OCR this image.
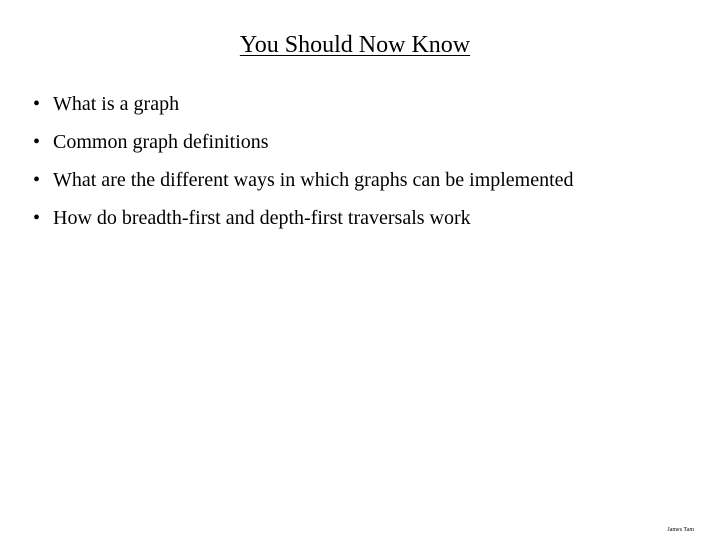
You Should Now Know
• What is a graph
• Common graph definitions
• What are the different ways in which graphs can be implemented
• How do breadth-first and depth-first traversals work
James Tam
